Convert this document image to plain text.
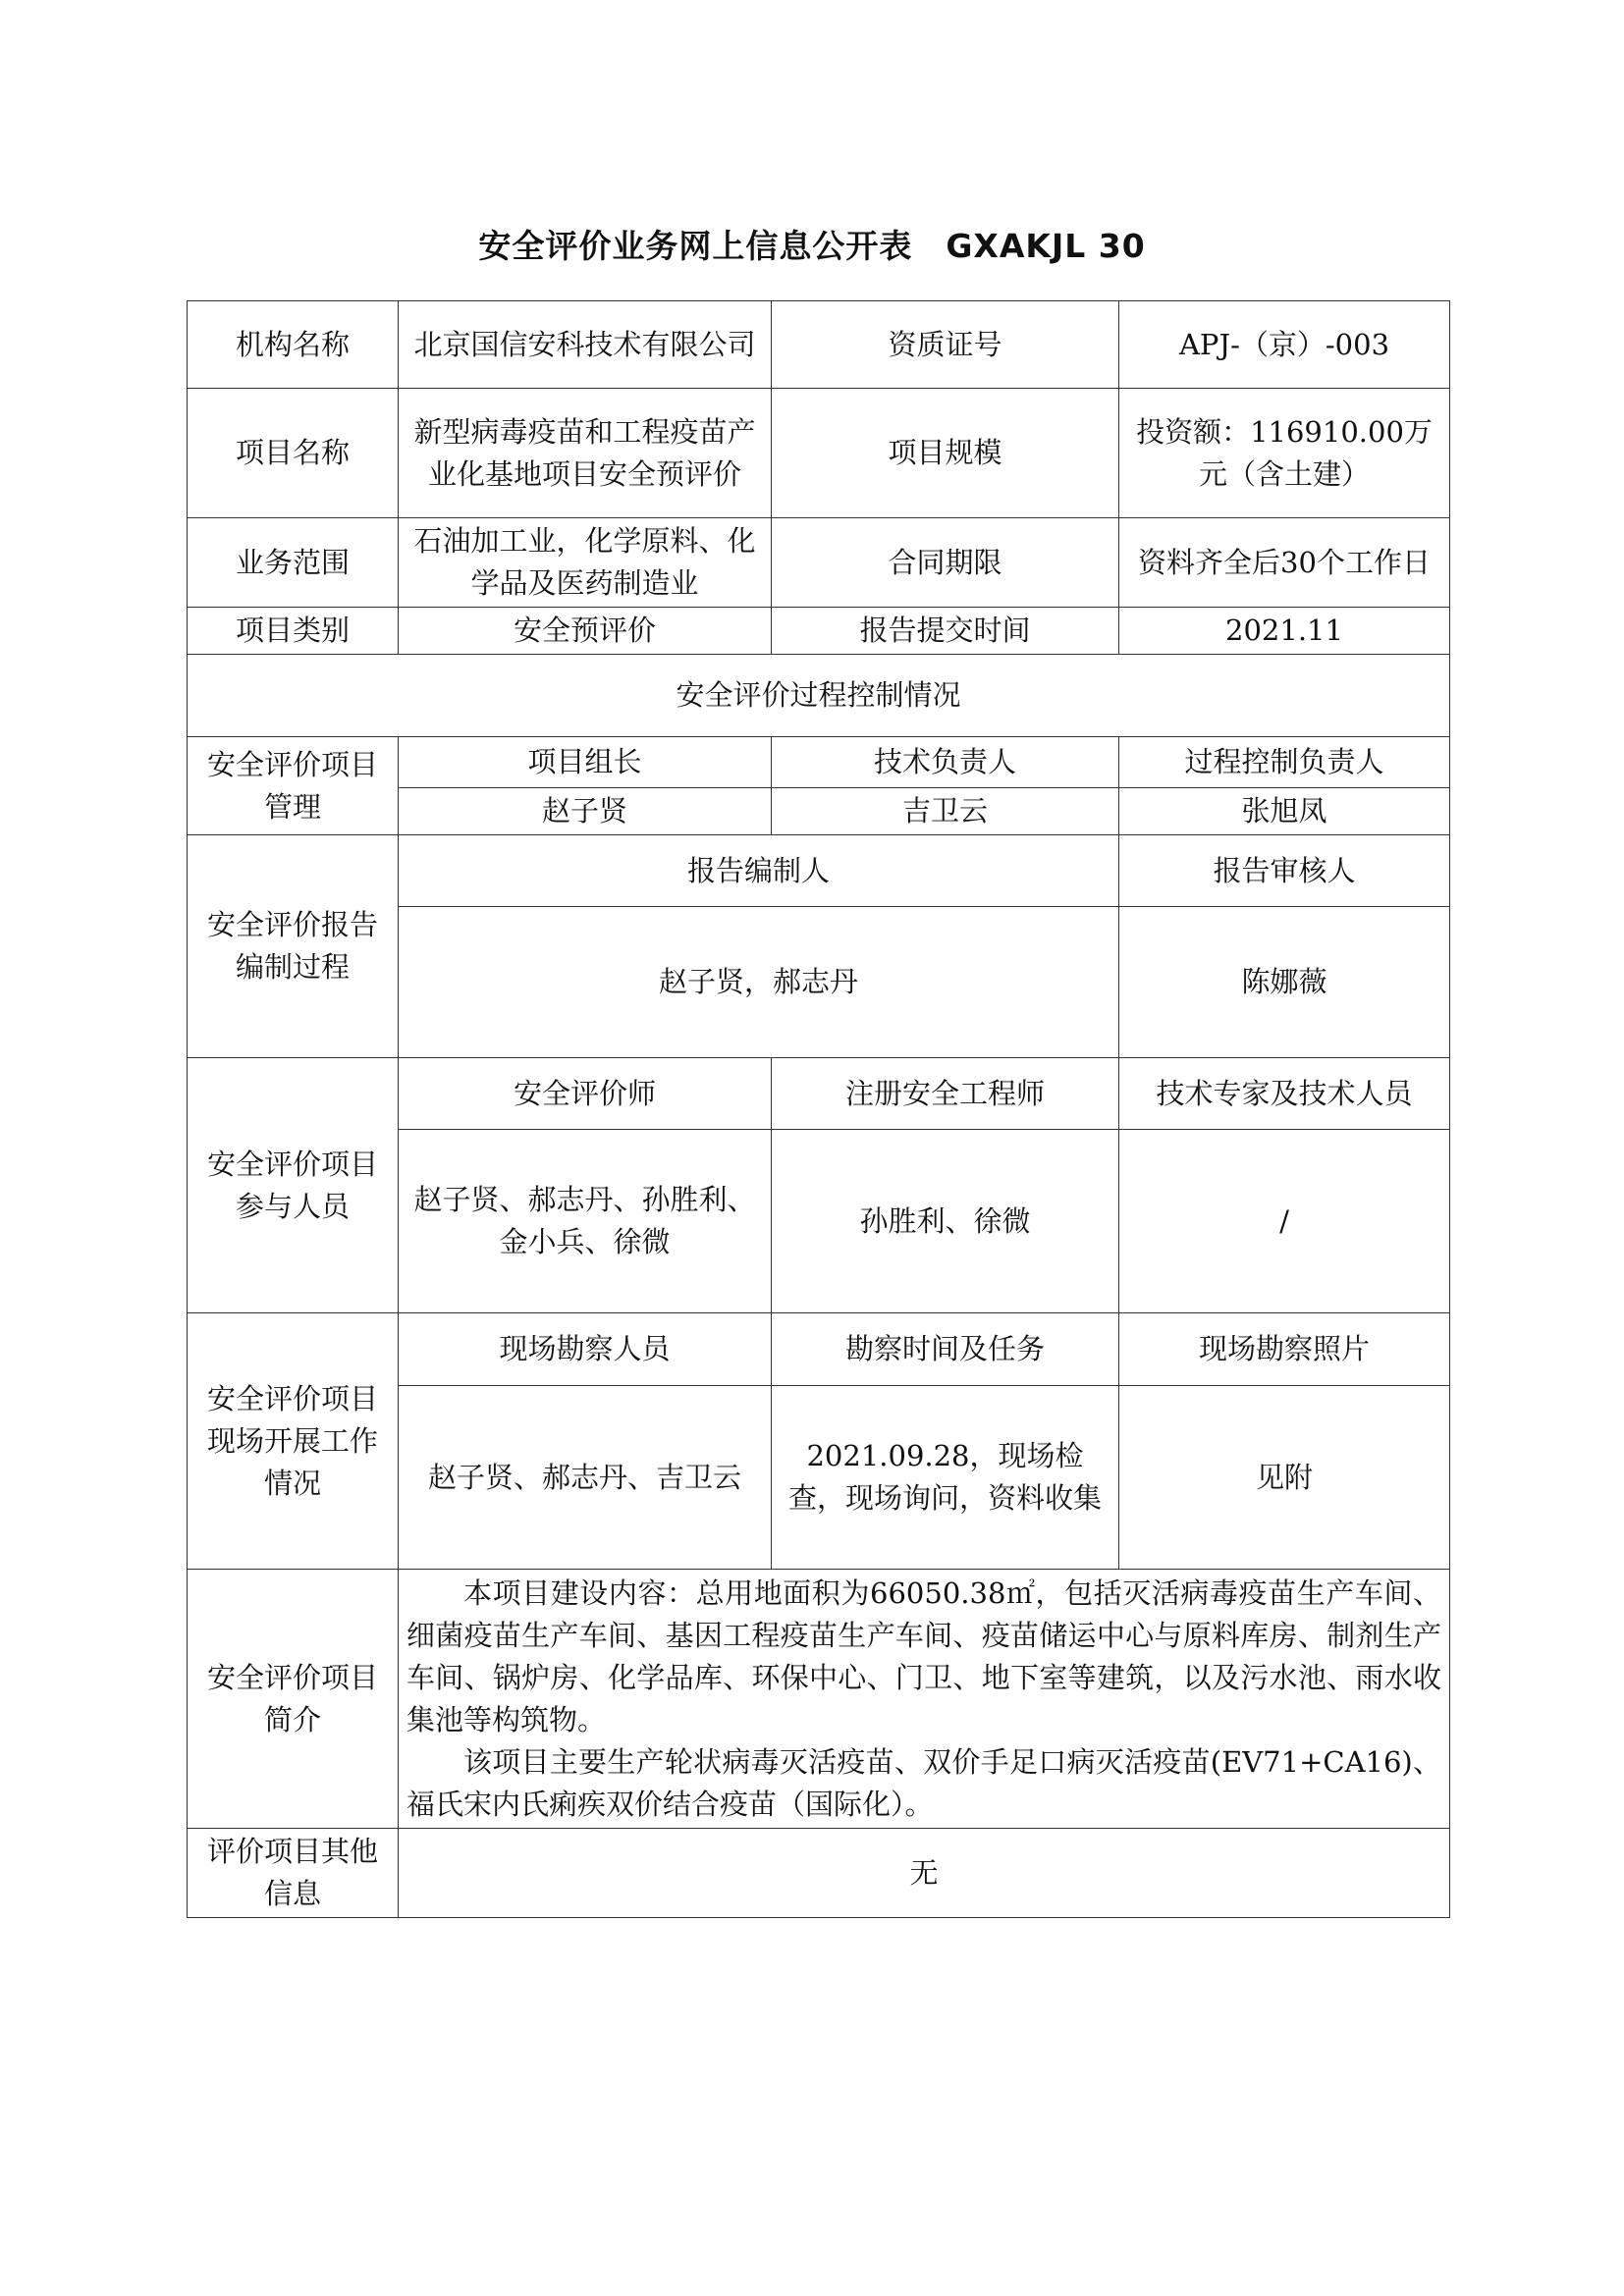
安全评价业务网上信息公开表　GXAKJL 30
机构名称	北京国信安科技术有限公司	资质证号	APJ-（京）-003
项目名称	新型病毒疫苗和工程疫苗产业化基地项目安全预评价	项目规模	投资额：116910.00万元（含土建）
业务范围	石油加工业，化学原料、化学品及医药制造业	合同期限	资料齐全后30个工作日
项目类别	安全预评价	报告提交时间	2021.11
安全评价过程控制情况			
安全评价项目管理	项目组长	技术负责人	过程控制负责人
	赵子贤	吉卫云	张旭凤
安全评价报告编制过程	报告编制人		报告审核人
	赵子贤，郝志丹		陈娜薇
安全评价项目参与人员	安全评价师	注册安全工程师	技术专家及技术人员
	赵子贤、郝志丹、孙胜利、金小兵、徐微	孙胜利、徐微	/
安全评价项目现场开展工作情况	现场勘察人员	勘察时间及任务	现场勘察照片
	赵子贤、郝志丹、吉卫云	2021.09.28，现场检查，现场询问，资料收集	见附
安全评价项目简介	本项目建设内容：总用地面积为66050.38㎡，包括灭活病毒疫苗生产车间、细菌疫苗生产车间、基因工程疫苗生产车间、疫苗储运中心与原料库房、制剂生产车间、锅炉房、化学品库、环保中心、门卫、地下室等建筑，以及污水池、雨水收集池等构筑物。

该项目主要生产轮状病毒灭活疫苗、双价手足口病灭活疫苗(EV71+CA16)、福氏宋内氏痢疾双价结合疫苗（国际化）。		

评价项目其他信息	无		
